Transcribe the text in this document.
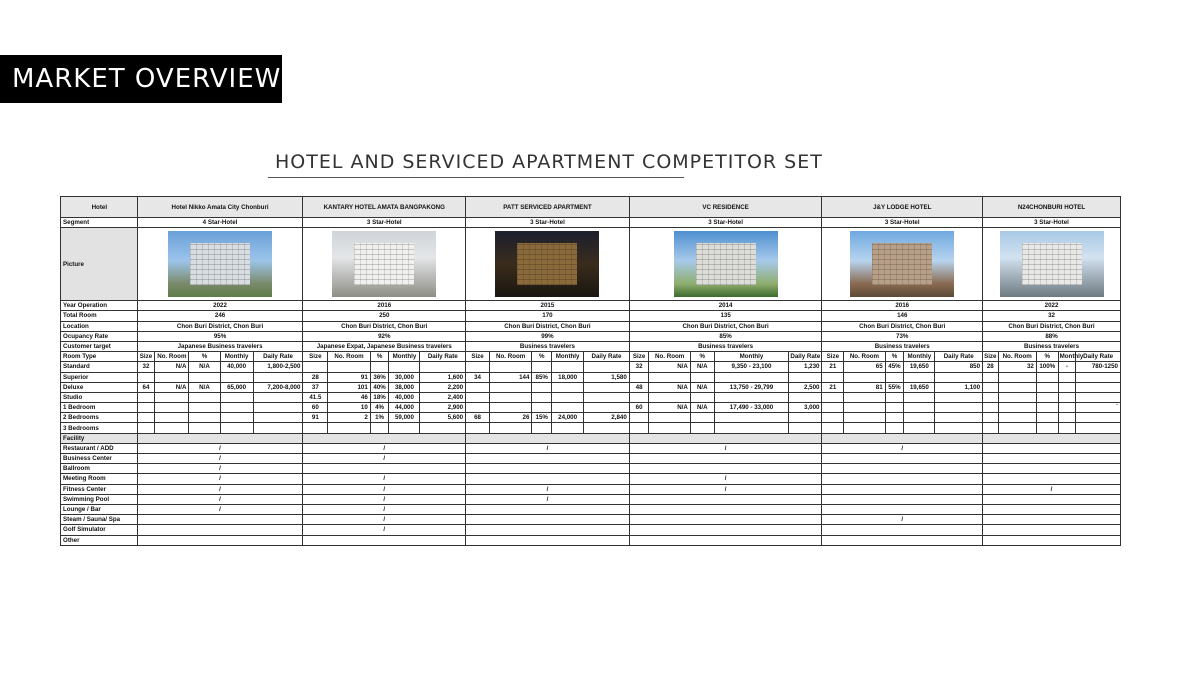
MARKET OVERVIEW
HOTEL AND SERVICED APARTMENT COMPETITOR SET
Hotel	Hotel Nikko Amata City Chonburi					KANTARY HOTEL AMATA BANGPAKONG					PATT SERVICED APARTMENT					VC RESIDENCE					J&Y LODGE HOTEL					N24CHONBURI HOTEL				
Segment	4 Star-Hotel					3 Star-Hotel					3 Star-Hotel					3 Star-Hotel					3 Star-Hotel					3 Star-Hotel				
Picture																									

Year Operation	2022					2016					2015					2014					2016					2022				
Total Room	246					250					170					135					146					32				
Location	Chon Buri District, Chon Buri					Chon Buri District, Chon Buri					Chon Buri District, Chon Buri					Chon Buri District, Chon Buri					Chon Buri District, Chon Buri					Chon Buri District, Chon Buri				
Ocupancy Rate	95%					92%					99%					85%					73%					88%				
Customer target	Japanese Business travelers					Japanese Expat, Japanese Business travelers					Business travelers					Business travelers					Business travelers					Business travelers				
Room Type	Size	No. Room	%	Monthly	Daily Rate	Size	No. Room	%	Monthly	Daily Rate	Size	No. Room	%	Monthly	Daily Rate	Size	No. Room	%	Monthly	Daily Rate	Size	No. Room	%	Monthly	Daily Rate	Size	No. Room	%	Monthly	Daily Rate
Standard	32	N/A	N/A	40,000	1,800-2,500											32	N/A	N/A	9,350 - 23,100	1,230	21	65	45%	19,650	850	28	32	100%	-	780-1250
Superior						28	91	36%	30,000	1,600	34	144	85%	18,000	1,580															
Deluxe	64	N/A	N/A	65,000	7,200-8,000	37	101	40%	38,000	2,200						48	N/A	N/A	13,750 - 29,799	2,500	21	81	55%	19,650	1,100					
Studio						41.5	46	18%	40,000	2,400																				
1 Bedroom						60	10	4%	44,000	2,900						60	N/A	N/A	17,490 - 33,000	3,000										`
2 Bedrooms						91	2	1%	59,000	5,600	68	26	15%	24,000	2,840															
3 Bedrooms																														
Facility																														
Restaurant / ADD	/					/					/					/					/									
Business Center	/					/																								
Ballroom	/																													
Meeting Room	/					/										/														
Fitness Center	/					/					/					/										/				
Swimming Pool	/					/					/																			
Lounge / Bar	/					/																								
Steam / Sauna/ Spa						/															/									
Golf Simulator						/																								
Other																														
